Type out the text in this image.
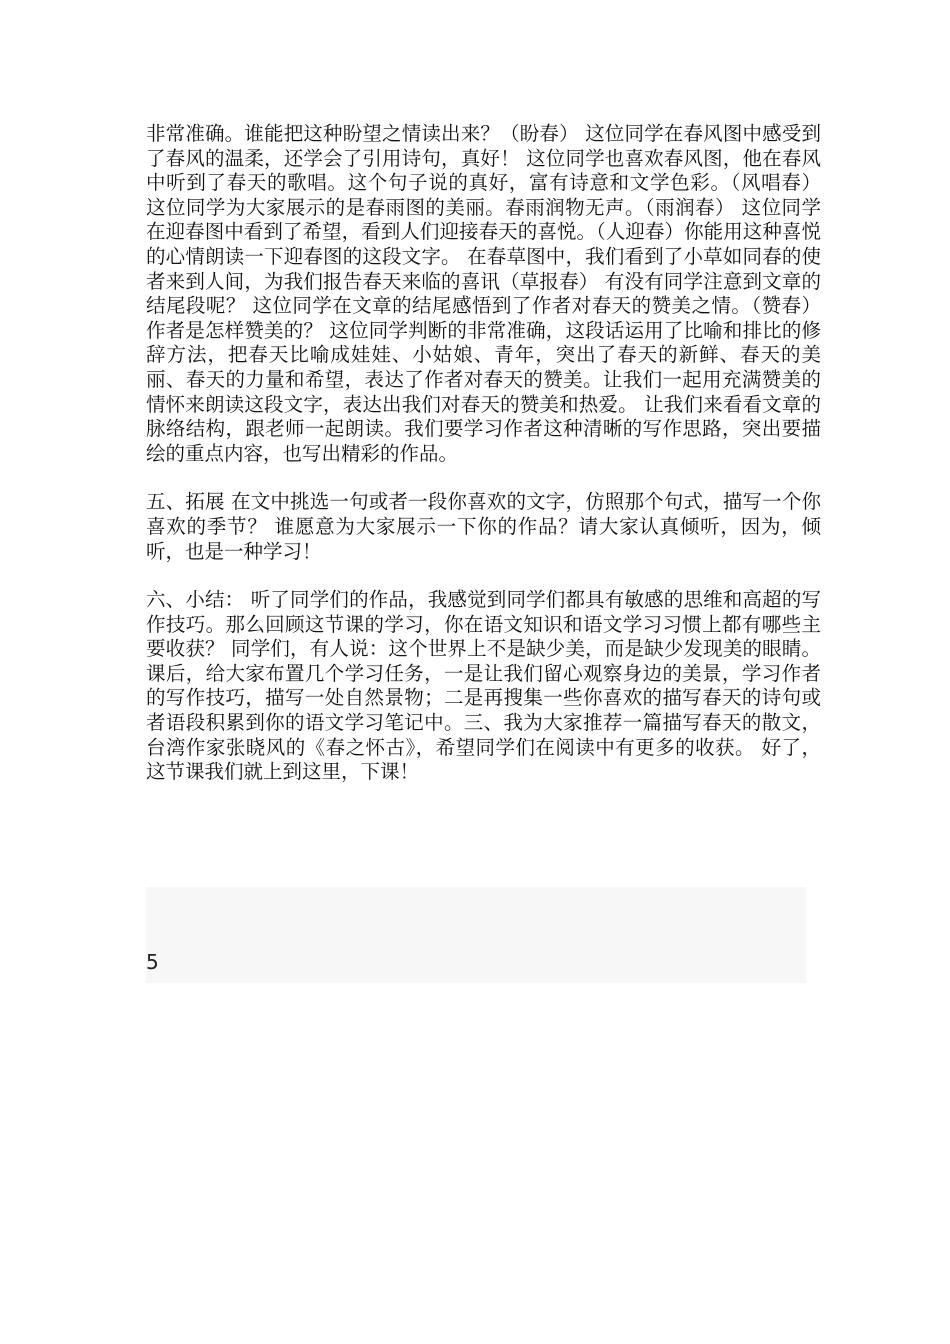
非常准确。谁能把这种盼望之情读出来？（盼春） 这位同学在春风图中感受到了春风的温柔，还学会了引用诗句，真好！ 这位同学也喜欢春风图，他在春风中听到了春天的歌唱。这个句子说的真好，富有诗意和文学色彩。（风唱春） 这位同学为大家展示的是春雨图的美丽。春雨润物无声。（雨润春） 这位同学在迎春图中看到了希望，看到人们迎接春天的喜悦。（人迎春）你能用这种喜悦的心情朗读一下迎春图的这段文字。 在春草图中，我们看到了小草如同春的使者来到人间，为我们报告春天来临的喜讯（草报春） 有没有同学注意到文章的结尾段呢？ 这位同学在文章的结尾感悟到了作者对春天的赞美之情。（赞春）作者是怎样赞美的？ 这位同学判断的非常准确，这段话运用了比喻和排比的修辞方法，把春天比喻成娃娃、小姑娘、青年，突出了春天的新鲜、春天的美丽、春天的力量和希望，表达了作者对春天的赞美。让我们一起用充满赞美的情怀来朗读这段文字，表达出我们对春天的赞美和热爱。 让我们来看看文章的脉络结构，跟老师一起朗读。我们要学习作者这种清晰的写作思路，突出要描绘的重点内容，也写出精彩的作品。

五、拓展 在文中挑选一句或者一段你喜欢的文字，仿照那个句式，描写一个你喜欢的季节？ 谁愿意为大家展示一下你的作品？请大家认真倾听，因为，倾听，也是一种学习！

六、小结： 听了同学们的作品，我感觉到同学们都具有敏感的思维和高超的写作技巧。那么回顾这节课的学习，你在语文知识和语文学习习惯上都有哪些主要收获？ 同学们，有人说：这个世界上不是缺少美，而是缺少发现美的眼睛。 课后，给大家布置几个学习任务，一是让我们留心观察身边的美景，学习作者的写作技巧，描写一处自然景物；二是再搜集一些你喜欢的描写春天的诗句或者语段积累到你的语文学习笔记中。三、我为大家推荐一篇描写春天的散文，台湾作家张晓风的《春之怀古》，希望同学们在阅读中有更多的收获。 好了，这节课我们就上到这里，下课！

5
